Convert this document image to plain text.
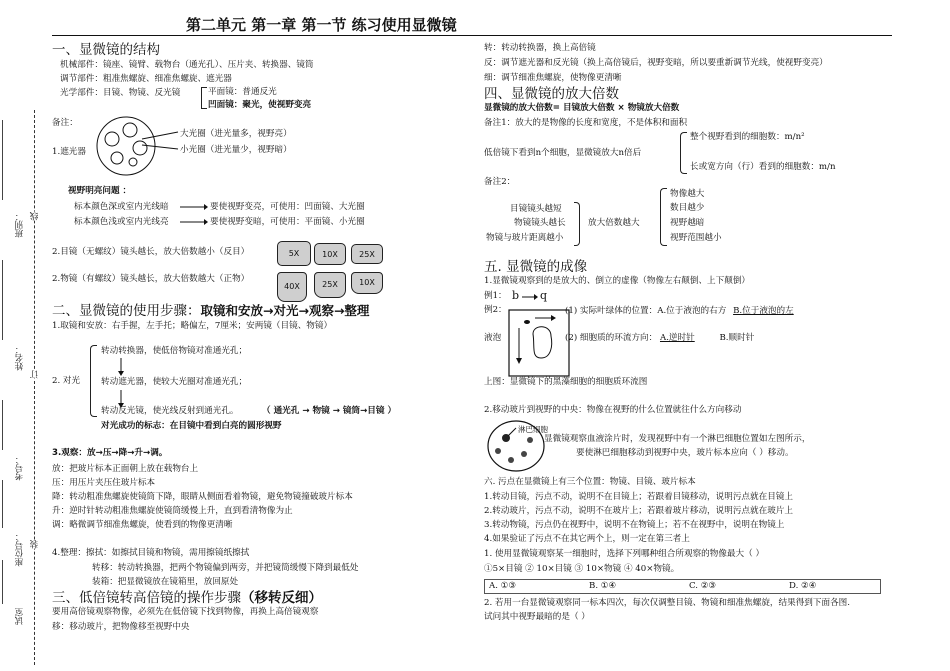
班别： 线
姓名：
订
考号：
座位号： 装
试室
第二单元 第一章 第一节 练习使用显微镜
一、显微镜的结构
机械部件：镜座、镜臂、载物台（通光孔）、压片夹、转换器、镜筒
调节部件：粗准焦螺旋、细准焦螺旋、遮光器
光学部件：目镜、物镜、反光镜	平面镜：普通反光
凹面镜：聚光，使视野变亮
备注：
1.遮光器
大光圈（进光量多，视野亮）
小光圈（进光量少，视野暗）
视野明亮问题 ：
标本颜色深或室内光线暗	要使视野变亮，可使用：凹面镜、大光圈
标本颜色浅或室内光线亮	要使视野变暗，可使用：平面镜、小光圈
2.目镜（无螺纹）镜头越长，放大倍数越小（反目）
2.物镜（有螺纹）镜头越长，放大倍数越大（正物）
5X	10X	25X
40X	25X	10X
二、显微镜的使用步骤：取镜和安放→对光→观察→整理
1.取镜和安放：右手握，左手托；略偏左，7厘米；安两镜（目镜、物镜）
2. 对光
转动转换器，使低倍物镜对准通光孔；
转动遮光器，使较大光圈对准通光孔；
转动反光镜，使光线反射到通光孔。	（ 通光孔 → 物镜 → 镜筒→目镜 ）
对光成功的标志：在目镜中看到白亮的圆形视野
3.观察：放→压→降→升→调。
放：把玻片标本正面朝上放在载物台上
压：用压片夹压住玻片标本
降：转动粗准焦螺旋使镜筒下降，眼睛从侧面看着物镜，避免物镜撞破玻片标本
升：逆时针转动粗准焦螺旋使镜筒缓慢上升，直到看清物像为止
调：略微调节细准焦螺旋，使看到的物像更清晰
4.整理：擦拭：如擦拭目镜和物镜，需用擦镜纸擦拭
转移：转动转换器，把两个物镜偏到两旁，并把镜筒缓慢下降到最低处
装箱：把显微镜放在镜箱里，放回原处
三、低倍镜转高倍镜的操作步骤（移转反细）
要用高倍镜观察物像，必须先在低倍镜下找到物像，再换上高倍镜观察
移：移动玻片，把物像移至视野中央
转：转动转换器，换上高倍镜
反：调节遮光器和反光镜（换上高倍镜后，视野变暗，所以要重新调节光线，使视野变亮）
细：调节细准焦螺旋，使物像更清晰
四、显微镜的放大倍数
显微镜的放大倍数= 目镜放大倍数 × 物镜放大倍数
备注1：放大的是物像的长度和宽度，不是体积和面积
低倍镜下看到n个细胞，显微镜放大n倍后
整个视野看到的细胞数：m/n²
长或宽方向（行）看到的细胞数：m/n
备注2：
目镜镜头越短
物镜镜头越长
物镜与玻片距离越小
放大倍数越大
物像越大
数目越少
视野越暗
视野范围越小
五. 显微镜的成像
1.显微镜观察到的是放大的、倒立的虚像（物像左右颠倒、上下颠倒）
例1： b q
例2：	(1) 实际叶绿体的位置：A.位于液泡的右方 B.位于液泡的左
液泡	(2) 细胞质的环流方向： A.逆时针	B.顺时针
上图：显微镜下的黑藻细胞的细胞质环流图
2.移动玻片到视野的中央：物像在视野的什么位置就往什么方向移动
淋巴细胞
显微镜观察血液涂片时，发现视野中有一个淋巴细胞位置如左图所示，
要使淋巴细胞移动到视野中央，玻片标本应向（ ）移动。
六. 污点在显微镜上有三个位置：物镜、目镜、玻片标本
1.转动目镜，污点不动，说明不在目镜上；若跟着目镜移动，说明污点就在目镜上
2.转动玻片，污点不动，说明不在玻片上；若跟着玻片移动，说明污点就在玻片上
3.转动物镜，污点仍在视野中，说明不在物镜上；若不在视野中，说明在物镜上
4.如果验证了污点不在其它两个上，则一定在第三者上
1. 使用显微镜观察某一细胞时，选择下列哪种组合所观察的物像最大（ ）
①5×目镜 ② 10×目镜 ③ 10×物镜 ④ 40×物镜。
A. ①③	B. ①④	C. ②③	D. ②④
2. 若用一台显微镜观察同一标本四次，每次仅调整目镜、物镜和细准焦螺旋，结果得到下面各图.
试问其中视野最暗的是（ ）
